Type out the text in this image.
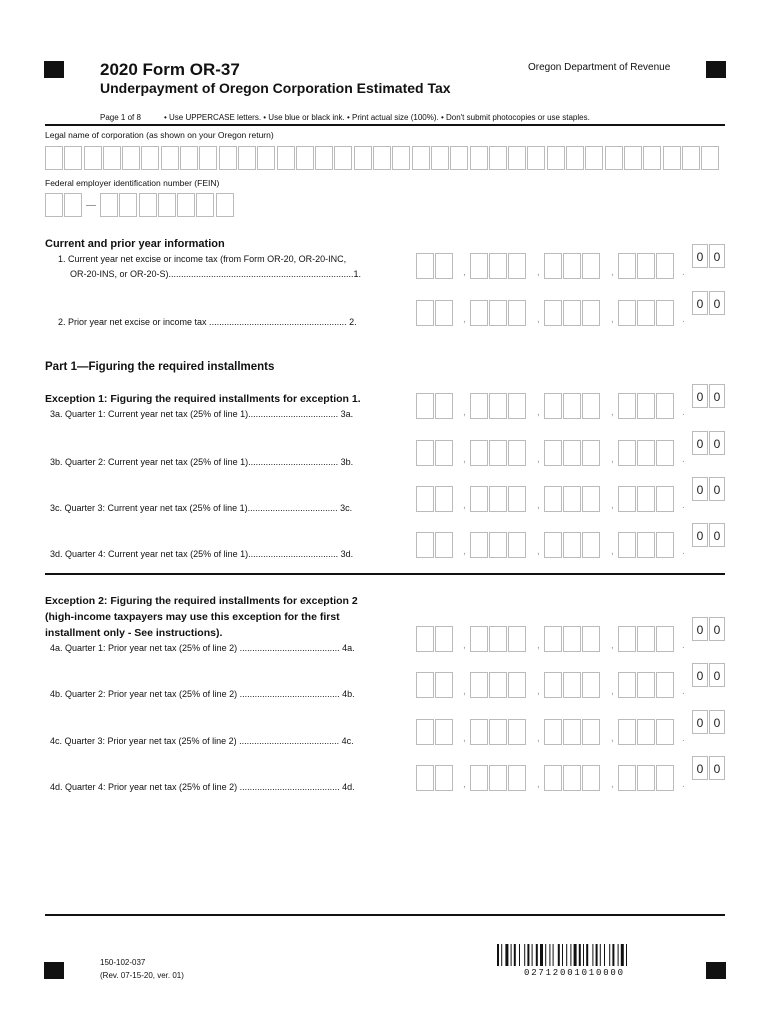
2020 Form OR-37	Oregon Department of Revenue
Underpayment of Oregon Corporation Estimated Tax
Page 1 of 8	• Use UPPERCASE letters. • Use blue or black ink. • Print actual size (100%). • Don't submit photocopies or use staples.
Legal name of corporation (as shown on your Oregon return)
Federal employer identification number (FEIN)
Current and prior year information
1. Current year net excise or income tax (from Form OR-20, OR-20-INC,
OR-20-INS, or OR-20-S)..........................................................................1.	,	,	,	.
0 0
2. Prior year net excise or income tax ....................................................... 2.	,	,	,	.
0 0
Part 1—Figuring the required installments
Exception 1: Figuring the required installments for exception 1.
3a. Quarter 1: Current year net tax (25% of line 1).................................... 3a.	,	,	,	.
0 0
3b. Quarter 2: Current year net tax (25% of line 1).................................... 3b.	,	,	,	.
0 0
3c. Quarter 3: Current year net tax (25% of line 1).................................... 3c.	,	,	,	.
0 0
3d. Quarter 4: Current year net tax (25% of line 1).................................... 3d.	,	,	,	.
0 0
Exception 2: Figuring the required installments for exception 2
(high-income taxpayers may use this exception for the first
installment only - See instructions).
4a. Quarter 1: Prior year net tax (25% of line 2) ........................................ 4a.	,	,	,	.
0 0
4b. Quarter 2: Prior year net tax (25% of line 2) ........................................ 4b.	,	,	,	.
0 0
4c. Quarter 3: Prior year net tax (25% of line 2) ........................................ 4c.	,	,	,	.
0 0
4d. Quarter 4: Prior year net tax (25% of line 2) ........................................ 4d.	,	,	,	.
0 0
150-102-037
(Rev. 07-15-20, ver. 01)	02712001010000
